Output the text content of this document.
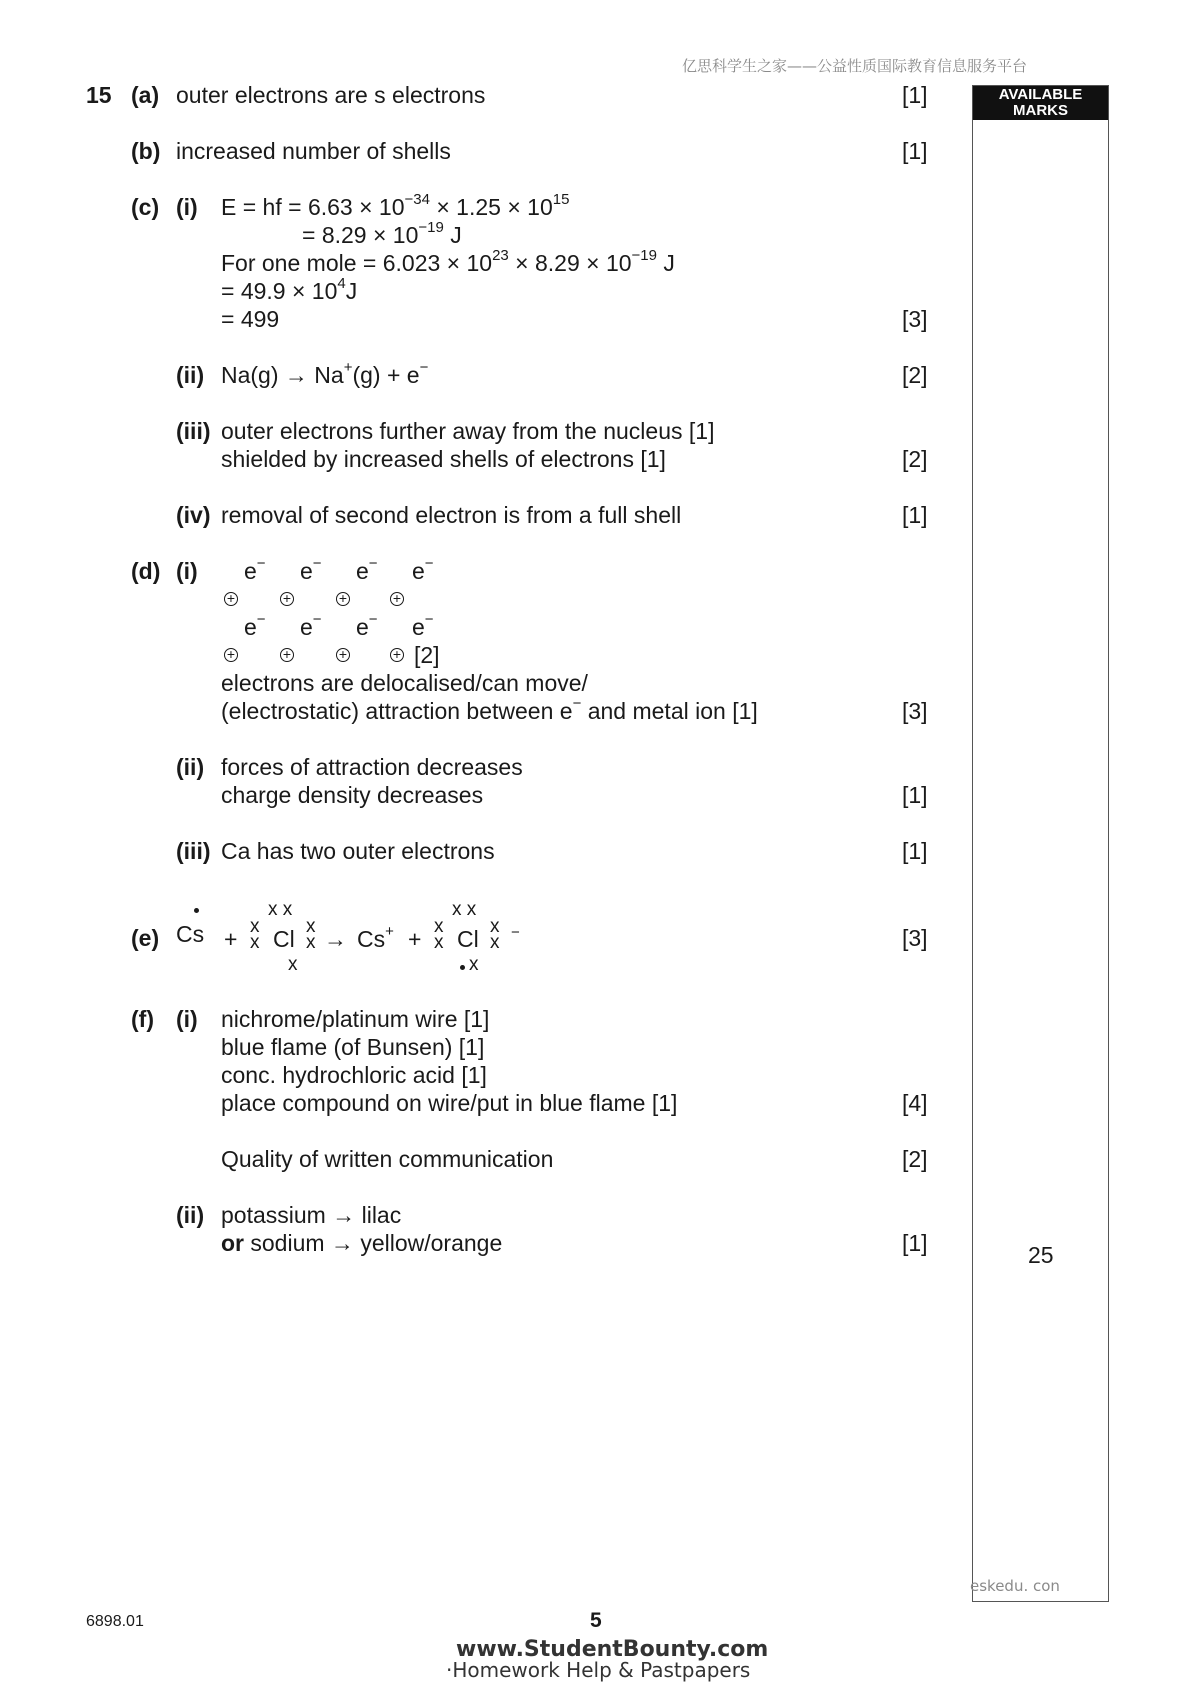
亿思科学生之家——公益性质国际教育信息服务平台
AVAILABLE
MARKS
25
15 (a) outer electrons are s electrons	[1]
(b) increased number of shells	[1]
(c) (i) E = hf = $6.63 \times 10^{-34} \times 1.25 \times 10^{15}$
= $8.29 \times 10^{-19}$ J
For one mole = $6.023 \times 10^{23} \times 8.29 \times 10^{-19}$ J
= $49.9 \times 10^4J$
= 499	[3]
(ii) Na(g) → Na+(g) + e−	[2]
(iii) outer electrons further away from the nucleus [1]
shielded by increased shells of electrons [1]	[2]
(iv) removal of second electron is from a full shell	[1]
(d) (i) e− e− e− e−
+	+	+	+
e− e− e− e−
+	+	+	+ [2]
electrons are delocalised/can move/
(electrostatic) attraction between e− and metal ion [1]	[3]
(ii) forces of attraction decreases
charge density decreases	[1]
(iii) Ca has two outer electrons	[1]
(e) Cs +
x x
x
x Cl x
x
x
→ Cs+ +
x x
x
x Cl x
x
x
−	[3]
(f) (i) nichrome/platinum wire [1]
blue flame (of Bunsen) [1]
conc. hydrochloric acid [1]
place compound on wire/put in blue flame [1]	[4]
Quality of written communication	[2]
(ii) potassium → lilac
or sodium → yellow/orange	[1]
eskedu. con
6898.01	5
www.StudentBounty.com
·Homework Help & Pastpapers
